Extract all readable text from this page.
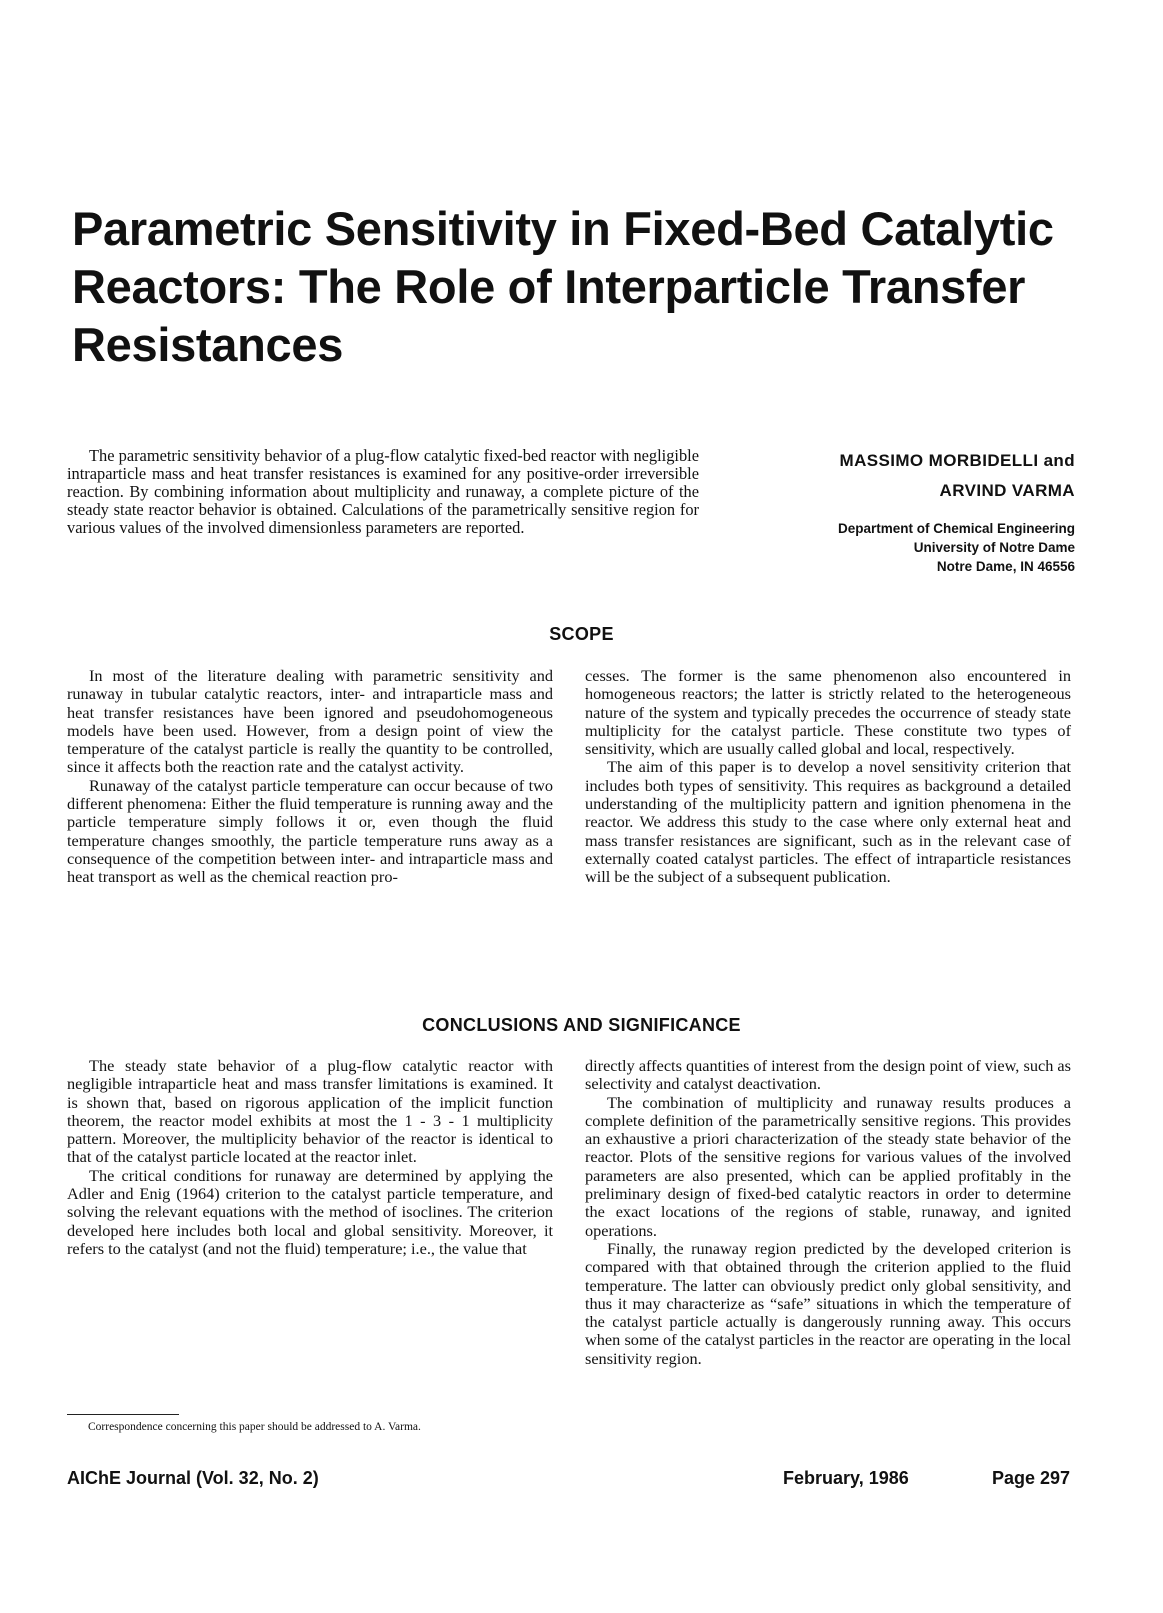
Parametric Sensitivity in Fixed-Bed Catalytic Reactors: The Role of Interparticle Transfer Resistances

The parametric sensitivity behavior of a plug-flow catalytic fixed-bed reactor with negligible intraparticle mass and heat transfer resistances is examined for any positive-order irreversible reaction. By combining information about multiplicity and runaway, a complete picture of the steady state reactor behavior is obtained. Calculations of the parametrically sensitive region for various values of the involved dimensionless parameters are reported.

MASSIMO MORBIDELLI and
ARVIND VARMA
Department of Chemical Engineering
University of Notre Dame
Notre Dame, IN 46556
SCOPE

In most of the literature dealing with parametric sensitivity and runaway in tubular catalytic reactors, inter- and intraparticle mass and heat transfer resistances have been ignored and pseudohomogeneous models have been used. However, from a design point of view the temperature of the catalyst particle is really the quantity to be controlled, since it affects both the reaction rate and the catalyst activity.

Runaway of the catalyst particle temperature can occur because of two different phenomena: Either the fluid temperature is running away and the particle temperature simply follows it or, even though the fluid temperature changes smoothly, the particle temperature runs away as a consequence of the competition between inter- and intraparticle mass and heat transport as well as the chemical reaction pro-

cesses. The former is the same phenomenon also encountered in homogeneous reactors; the latter is strictly related to the heterogeneous nature of the system and typically precedes the occurrence of steady state multiplicity for the catalyst particle. These constitute two types of sensitivity, which are usually called global and local, respectively.

The aim of this paper is to develop a novel sensitivity criterion that includes both types of sensitivity. This requires as background a detailed understanding of the multiplicity pattern and ignition phenomena in the reactor. We address this study to the case where only external heat and mass transfer resistances are significant, such as in the relevant case of externally coated catalyst particles. The effect of intraparticle resistances will be the subject of a subsequent publication.

CONCLUSIONS AND SIGNIFICANCE

The steady state behavior of a plug-flow catalytic reactor with negligible intraparticle heat and mass transfer limitations is examined. It is shown that, based on rigorous application of the implicit function theorem, the reactor model exhibits at most the 1 - 3 - 1 multiplicity pattern. Moreover, the multiplicity behavior of the reactor is identical to that of the catalyst particle located at the reactor inlet.

The critical conditions for runaway are determined by applying the Adler and Enig (1964) criterion to the catalyst particle temperature, and solving the relevant equations with the method of isoclines. The criterion developed here includes both local and global sensitivity. Moreover, it refers to the catalyst (and not the fluid) temperature; i.e., the value that

directly affects quantities of interest from the design point of view, such as selectivity and catalyst deactivation.

The combination of multiplicity and runaway results produces a complete definition of the parametrically sensitive regions. This provides an exhaustive a priori characterization of the steady state behavior of the reactor. Plots of the sensitive regions for various values of the involved parameters are also presented, which can be applied profitably in the preliminary design of fixed-bed catalytic reactors in order to determine the exact locations of the regions of stable, runaway, and ignited operations.

Finally, the runaway region predicted by the developed criterion is compared with that obtained through the criterion applied to the fluid temperature. The latter can obviously predict only global sensitivity, and thus it may characterize as “safe” situations in which the temperature of the catalyst particle actually is dangerously running away. This occurs when some of the catalyst particles in the reactor are operating in the local sensitivity region.

Correspondence concerning this paper should be addressed to A. Varma.
AIChE Journal (Vol. 32, No. 2)	February, 1986	Page 297
